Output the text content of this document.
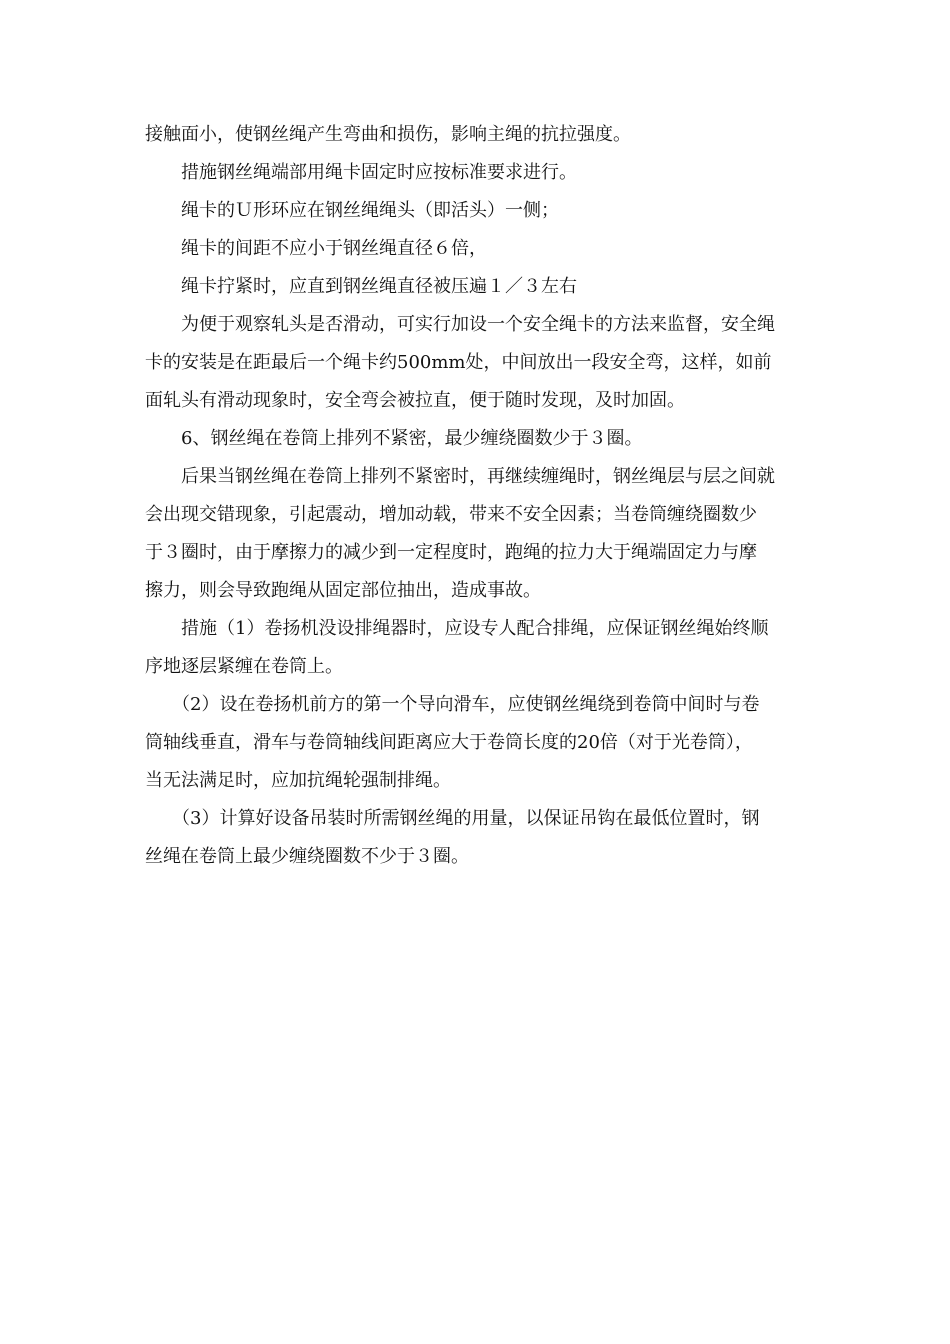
接触面小，使钢丝绳产生弯曲和损伤，影响主绳的抗拉强度。
　　措施钢丝绳端部用绳卡固定时应按标准要求进行。
　　绳卡的Ｕ形环应在钢丝绳绳头（即活头）一侧；
　　绳卡的间距不应小于钢丝绳直径６倍，
　　绳卡拧紧时，应直到钢丝绳直径被压遍１／３左右
　　为便于观察轧头是否滑动，可实行加设一个安全绳卡的方法来监督，安全绳
卡的安装是在距最后一个绳卡约500mm处，中间放出一段安全弯，这样，如前
面轧头有滑动现象时，安全弯会被拉直，便于随时发现，及时加固。
　　6、钢丝绳在卷筒上排列不紧密，最少缠绕圈数少于３圈。
　　后果当钢丝绳在卷筒上排列不紧密时，再继续缠绳时，钢丝绳层与层之间就
会出现交错现象，引起震动，增加动载，带来不安全因素；当卷筒缠绕圈数少
于３圈时，由于摩擦力的减少到一定程度时，跑绳的拉力大于绳端固定力与摩
擦力，则会导致跑绳从固定部位抽出，造成事故。
　　措施（1）卷扬机没设排绳器时，应设专人配合排绳，应保证钢丝绳始终顺
序地逐层紧缠在卷筒上。
　　（2）设在卷扬机前方的第一个导向滑车，应使钢丝绳绕到卷筒中间时与卷
筒轴线垂直，滑车与卷筒轴线间距离应大于卷筒长度的20倍（对于光卷筒），
当无法满足时，应加抗绳轮强制排绳。
　　（3）计算好设备吊装时所需钢丝绳的用量，以保证吊钩在最低位置时，钢
丝绳在卷筒上最少缠绕圈数不少于３圈。
